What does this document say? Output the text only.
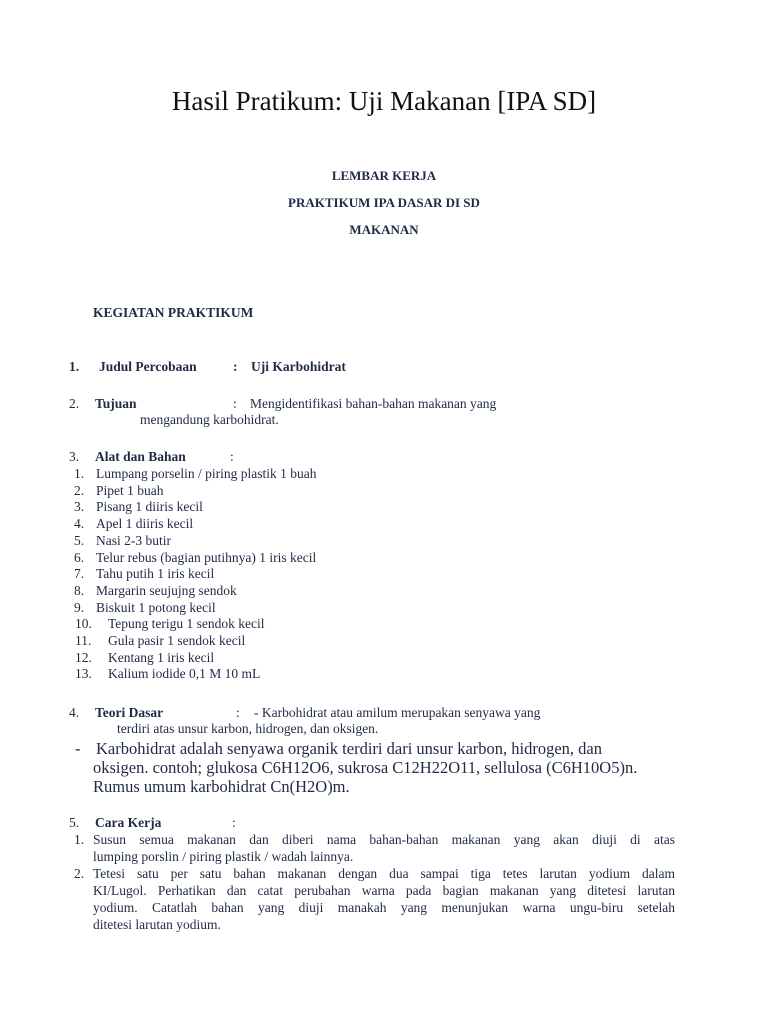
Hasil Pratikum: Uji Makanan [IPA SD]
LEMBAR KERJA
PRAKTIKUM IPA DASAR DI SD
MAKANAN
KEGIATAN PRAKTIKUM
1. Judul Percobaan	: Uji Karbohidrat
2. Tujuan	: Mengidentifikasi bahan-bahan makanan yang
mengandung karbohidrat.
3. Alat dan Bahan	:
1. Lumpang porselin / piring plastik 1 buah
2. Pipet 1 buah
3. Pisang 1 diiris kecil
4. Apel 1 diiris kecil
5. Nasi 2-3 butir
6. Telur rebus (bagian putihnya) 1 iris kecil
7. Tahu putih 1 iris kecil
8. Margarin seujujng sendok
9. Biskuit 1 potong kecil
10. Tepung terigu 1 sendok kecil
11. Gula pasir 1 sendok kecil
12. Kentang 1 iris kecil
13. Kalium iodide 0,1 M 10 mL
4. Teori Dasar	: - Karbohidrat atau amilum merupakan senyawa yang
terdiri atas unsur karbon, hidrogen, dan oksigen.
- Karbohidrat adalah senyawa organik terdiri dari unsur karbon, hidrogen, dan
oksigen. contoh; glukosa C6H12O6, sukrosa C12H22O11, sellulosa (C6H10O5)n.
Rumus umum karbohidrat Cn(H2O)m.
5. Cara Kerja	:
1. Susun semua makanan dan diberi nama bahan-bahan makanan yang akan diuji di atas
lumping porslin / piring plastik / wadah lainnya.
2. Tetesi satu per satu bahan makanan dengan dua sampai tiga tetes larutan yodium dalam
KI/Lugol. Perhatikan dan catat perubahan warna pada bagian makanan yang ditetesi larutan
yodium. Catatlah bahan yang diuji manakah yang menunjukan warna ungu-biru setelah
ditetesi larutan yodium.
